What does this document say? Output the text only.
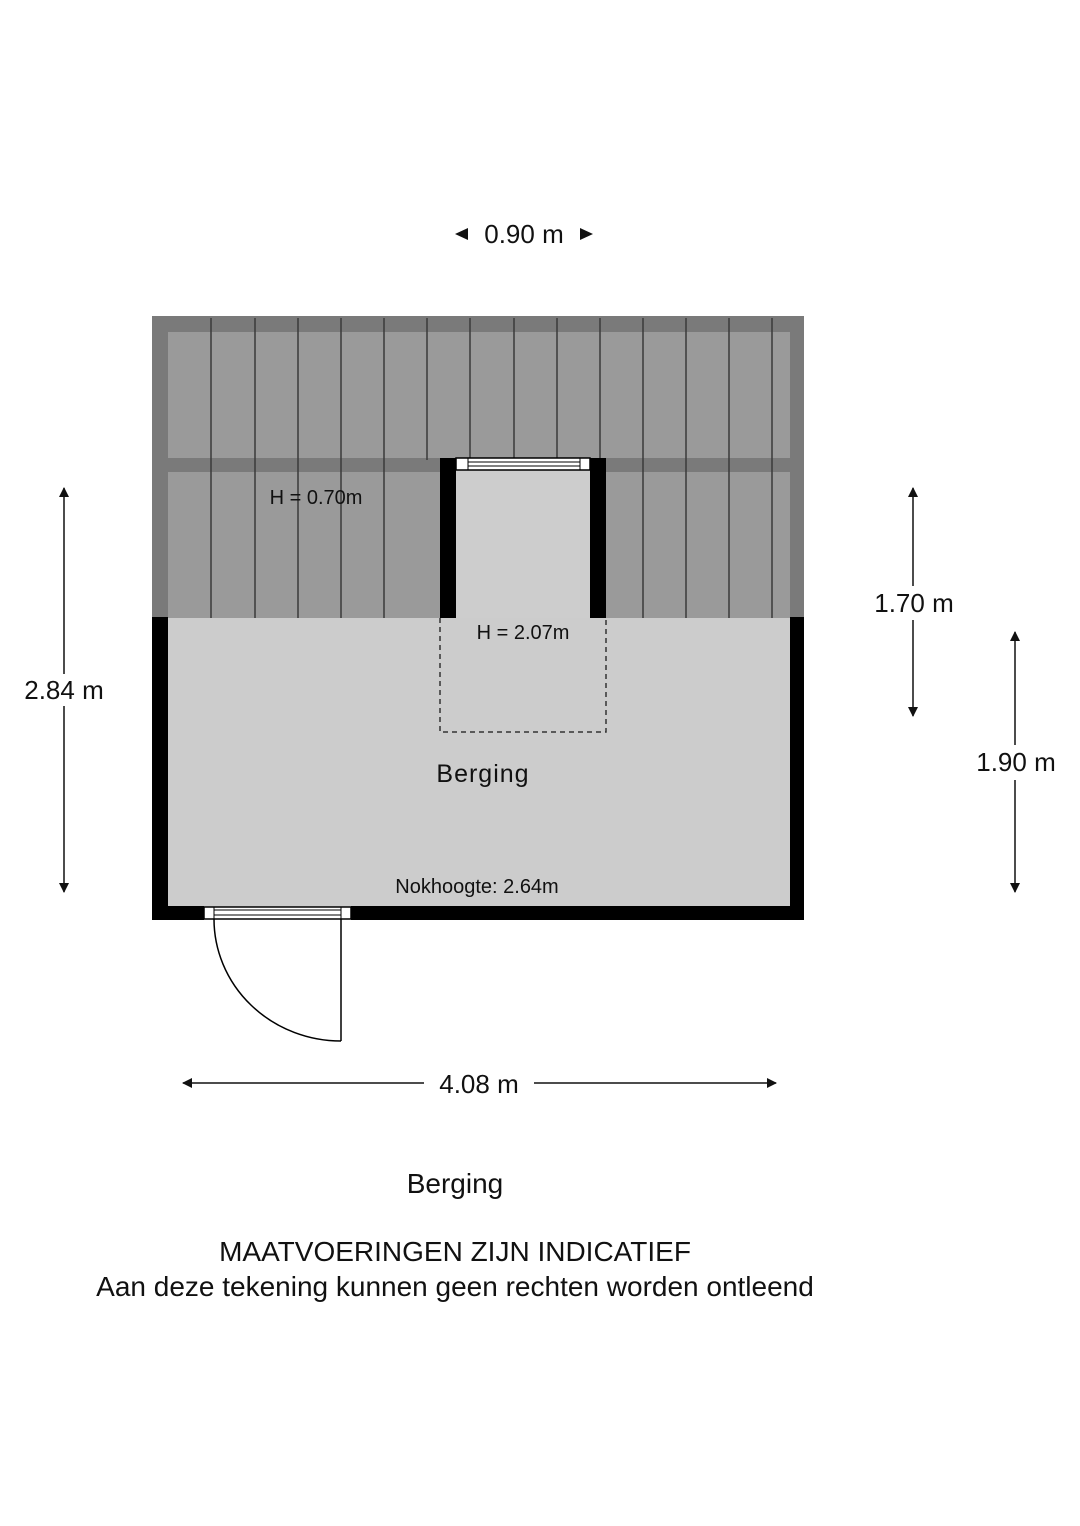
0.90 m
2.84 m
1.70 m
1.90 m
4.08 m
H = 0.70m
H = 2.07m
Berging
Nokhoogte: 2.64m

Berging

MAATVOERINGEN ZIJN INDICATIEF

Aan deze tekening kunnen geen rechten worden ontleend
